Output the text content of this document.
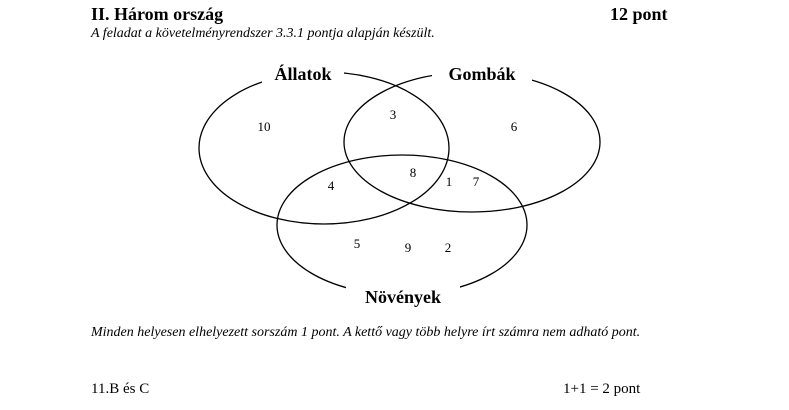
II. Három ország	12 pont
A feladat a követelményrendszer 3.3.1 pontja alapján készült.
Állatok	Gombák
Növények
10
3
6
4
8
1 7
5	9	2
Minden helyesen elhelyezett sorszám 1 pont. A kettő vagy több helyre írt számra nem adható pont.
11.B és C	1+1 = 2 pont
